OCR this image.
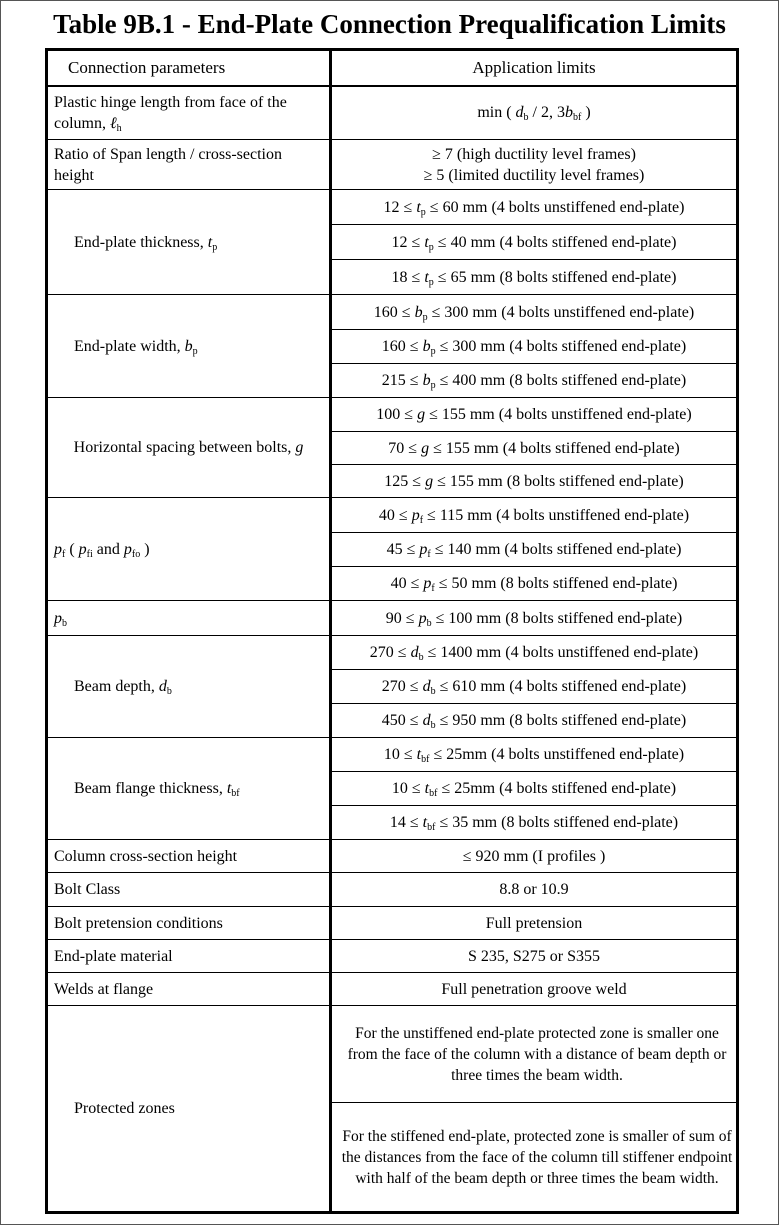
Table 9B.1 - End-Plate Connection Prequalification Limits
Connection parameters	Application limits
Plastic hinge length from face of the column, ℓ$_h$	min ( $d_b / 2$, $3b_{bf}$ )
Ratio of Span length / cross-section height	≥ 7 (high ductility level frames)
≥ 5 (limited ductility level frames)

End-plate thickness, $t_p$	$12 \le t_p \le 60$ mm (4 bolts unstiffened end-plate)
	$12 \le t_p \le 40$ mm (4 bolts stiffened end-plate)
	$18 \le t_p \le 65$ mm (8 bolts stiffened end-plate)
End-plate width, $b_p$	$160 \le b_p \le 300$ mm (4 bolts unstiffened end-plate)
	$160 \le b_p \le 300$ mm (4 bolts stiffened end-plate)
	$215 \le b_p \le 400$ mm (8 bolts stiffened end-plate)
Horizontal spacing between bolts, g	100 ≤ g ≤ 155 mm (4 bolts unstiffened end-plate)
	70 ≤ g ≤ 155 mm (4 bolts stiffened end-plate)
	125 ≤ g ≤ 155 mm (8 bolts stiffened end-plate)
$p_f$ ( $p_{fi}$ and $p_{fo}$ )	$40 \le p_f \le 115$ mm (4 bolts unstiffened end-plate)
	$45 \le p_f \le 140$ mm (4 bolts stiffened end-plate)
	$40 \le p_f \le 50$ mm (8 bolts stiffened end-plate)
$p_b$	$90 \le p_b \le 100$ mm (8 bolts stiffened end-plate)
Beam depth, $d_b$	$270 \le d_b \le 1400$ mm (4 bolts unstiffened end-plate)
	$270 \le d_b \le 610$ mm (4 bolts stiffened end-plate)
	$450 \le d_b \le 950$ mm (8 bolts stiffened end-plate)
Beam flange thickness, $t_{bf}$	$10 \le t_{bf} \le 25mm$ (4 bolts unstiffened end-plate)
	$10 \le t_{bf} \le 25mm$ (4 bolts stiffened end-plate)
	$14 \le t_{bf} \le 35$ mm (8 bolts stiffened end-plate)
Column cross-section height	≤ 920 mm (I profiles )
Bolt Class	8.8 or 10.9
Bolt pretension conditions	Full pretension
End-plate material	S 235, S275 or S355
Welds at flange	Full penetration groove weld
Protected zones	For the unstiffened end-plate protected zone is smaller one from the face of the column with a distance of beam depth or three times the beam width.
	For the stiffened end-plate, protected zone is smaller of sum of the distances from the face of the column till stiffener endpoint with half of the beam depth or three times the beam width.
